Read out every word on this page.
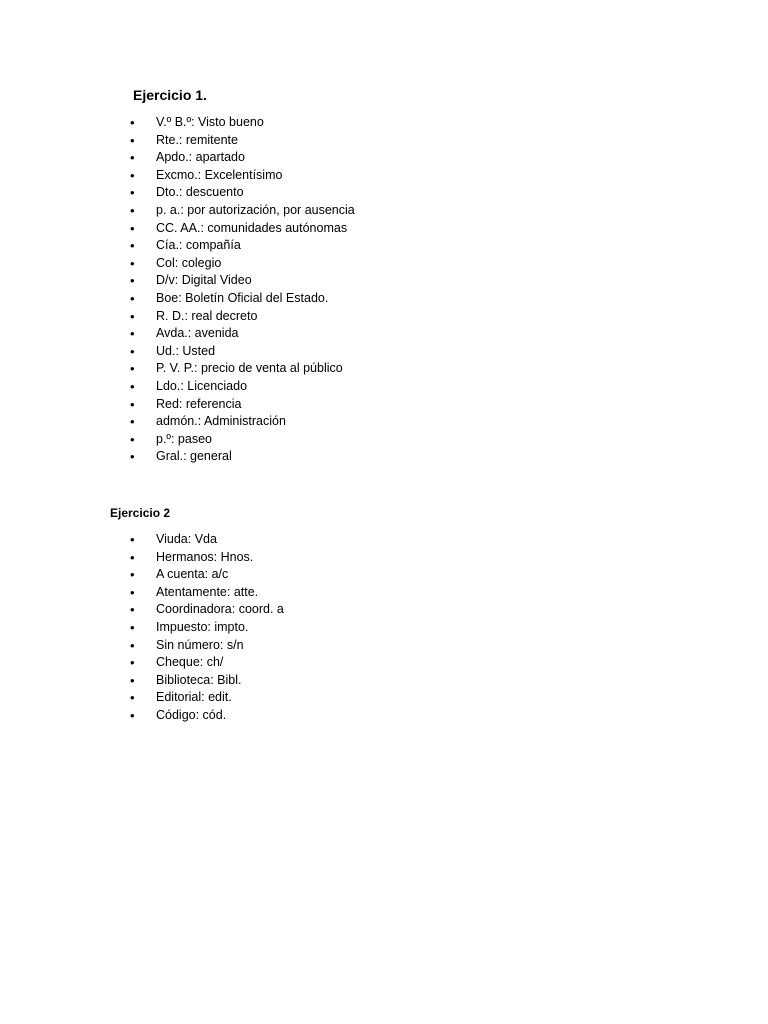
Ejercicio 1.
•	V.º B.º: Visto bueno
•	Rte.: remitente
•	Apdo.: apartado
•	Excmo.: Excelentísimo
•	Dto.: descuento
•	p. a.: por autorización, por ausencia
•	CC. AA.: comunidades autónomas
•	Cía.: compañía
•	Col: colegio
•	D/v: Digital Video
•	Boe: Boletín Oficial del Estado.
•	R. D.: real decreto
•	Avda.: avenida
•	Ud.: Usted
•	P. V. P.: precio de venta al público
•	Ldo.: Licenciado
•	Red: referencia
•	admón.: Administración
•	p.º: paseo
•	Gral.: general
Ejercicio 2
•	Viuda: Vda
•	Hermanos: Hnos.
•	A cuenta: a/c
•	Atentamente: atte.
•	Coordinadora: coord. a
•	Impuesto: impto.
•	Sin número: s/n
•	Cheque: ch/
•	Biblioteca: Bibl.
•	Editorial: edit.
•	Código: cód.
